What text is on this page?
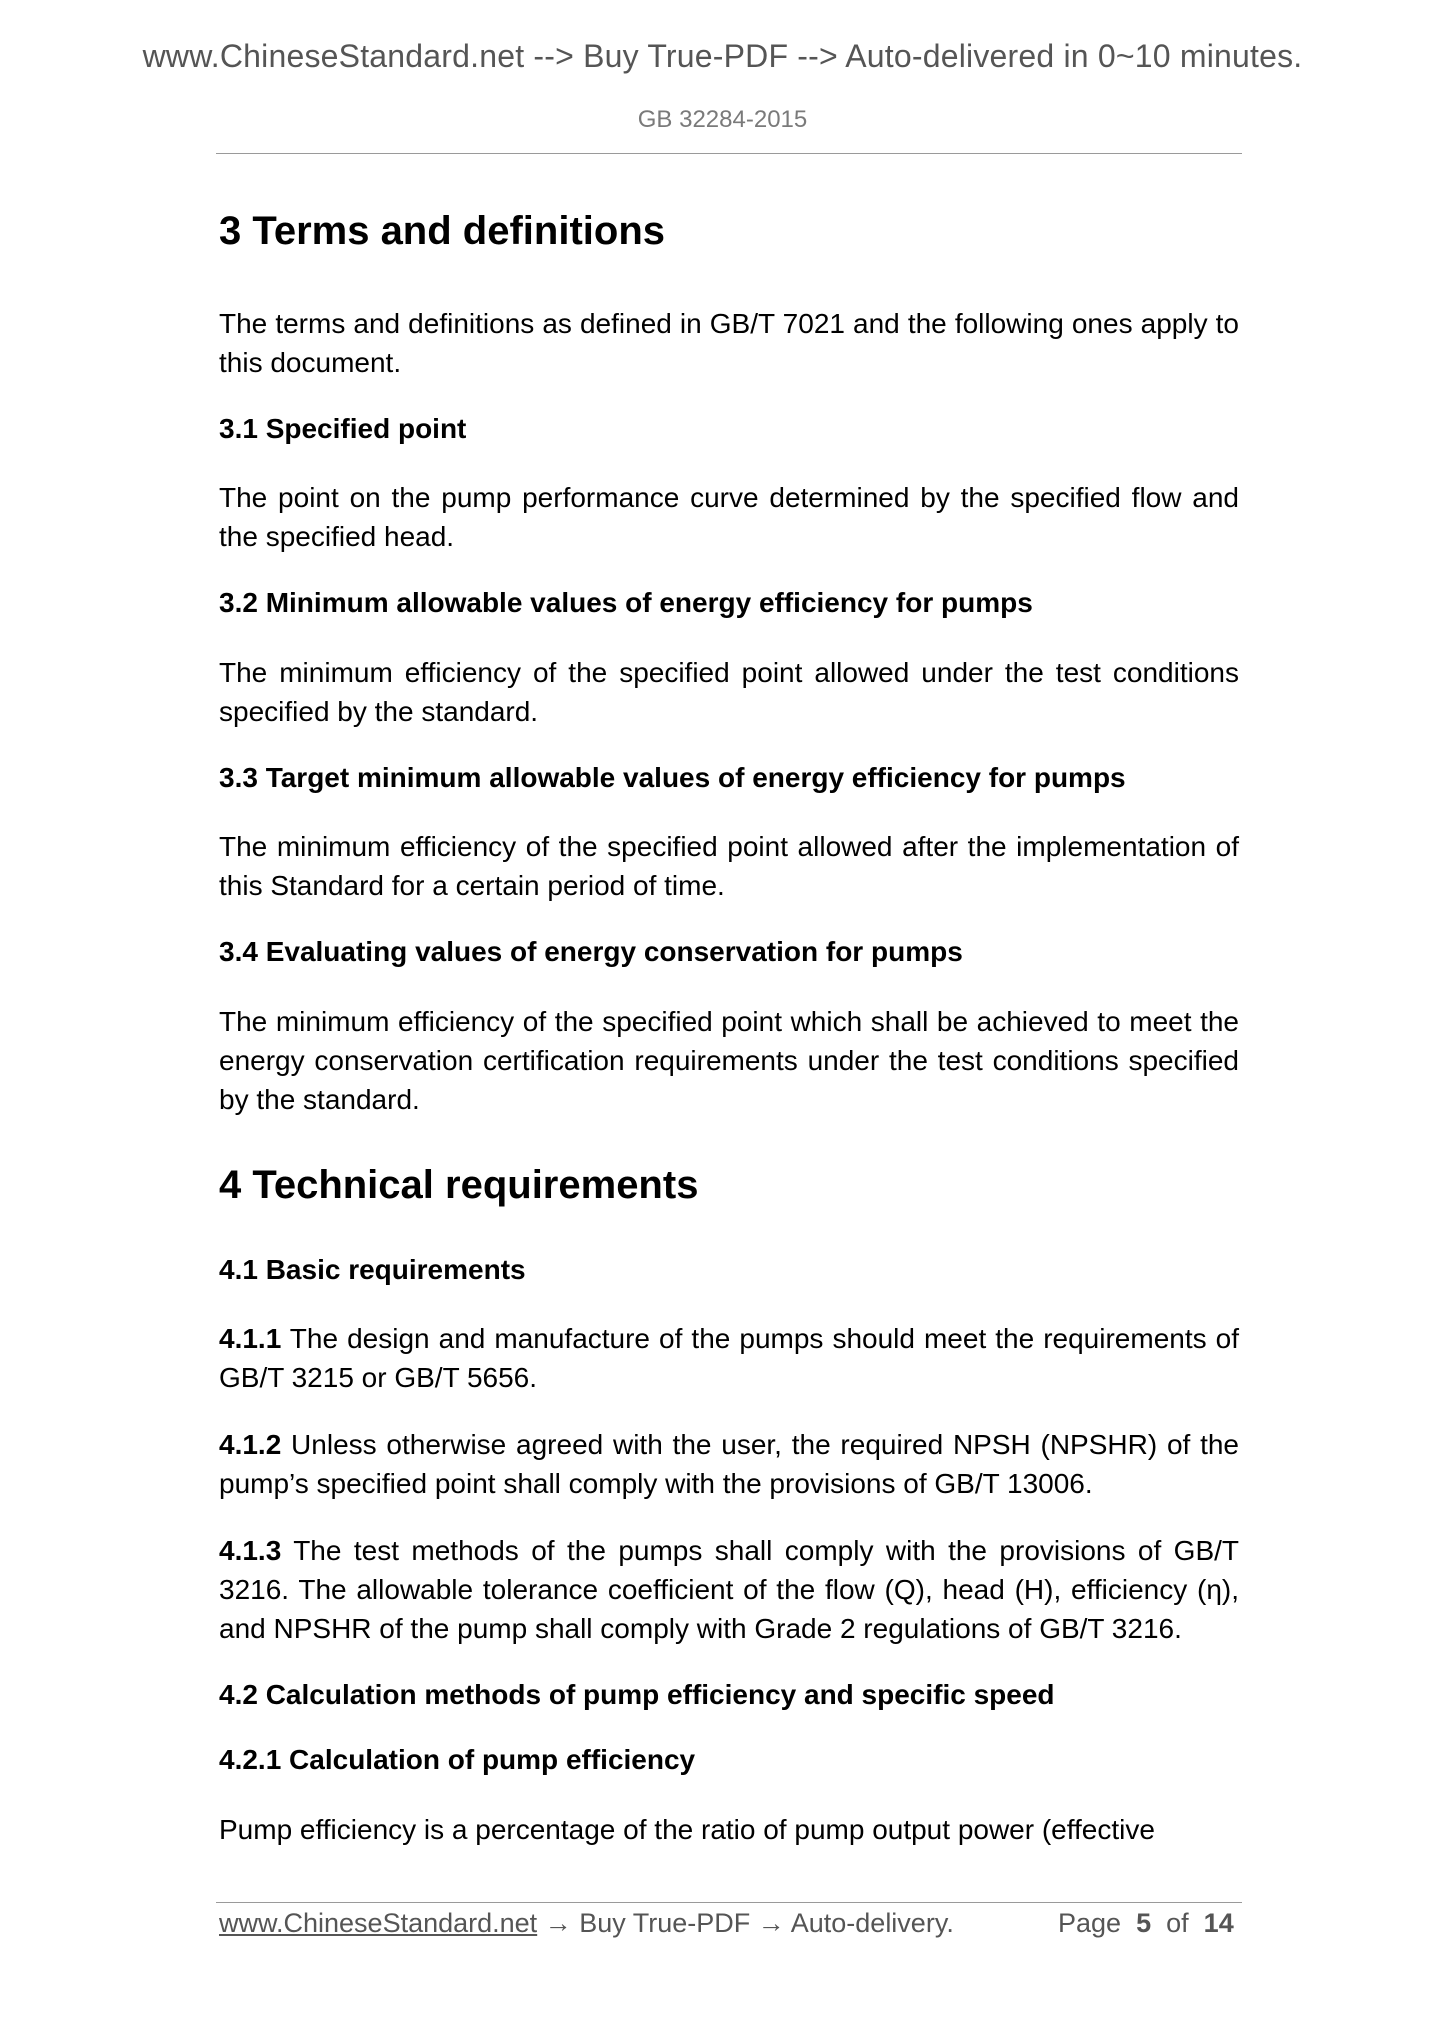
www.ChineseStandard.net --> Buy True-PDF --> Auto-delivered in 0~10 minutes.
GB 32284-2015
3 Terms and definitions
The terms and definitions as defined in GB/T 7021 and the following ones apply to this document.
3.1 Specified point
The point on the pump performance curve determined by the specified flow and the specified head.
3.2 Minimum allowable values of energy efficiency for pumps
The minimum efficiency of the specified point allowed under the test conditions specified by the standard.
3.3 Target minimum allowable values of energy efficiency for pumps
The minimum efficiency of the specified point allowed after the implementation of this Standard for a certain period of time.
3.4 Evaluating values of energy conservation for pumps
The minimum efficiency of the specified point which shall be achieved to meet the energy conservation certification requirements under the test conditions specified by the standard.
4 Technical requirements
4.1 Basic requirements
4.1.1 The design and manufacture of the pumps should meet the requirements of GB/T 3215 or GB/T 5656.
4.1.2 Unless otherwise agreed with the user, the required NPSH (NPSHR) of the pump’s specified point shall comply with the provisions of GB/T 13006.
4.1.3 The test methods of the pumps shall comply with the provisions of GB/T 3216. The allowable tolerance coefficient of the flow (Q), head (H), efficiency (η), and NPSHR of the pump shall comply with Grade 2 regulations of GB/T 3216.
4.2 Calculation methods of pump efficiency and specific speed
4.2.1 Calculation of pump efficiency
Pump efficiency is a percentage of the ratio of pump output power (effective
www.ChineseStandard.net → Buy True-PDF → Auto-delivery.	Page 5 of 14
